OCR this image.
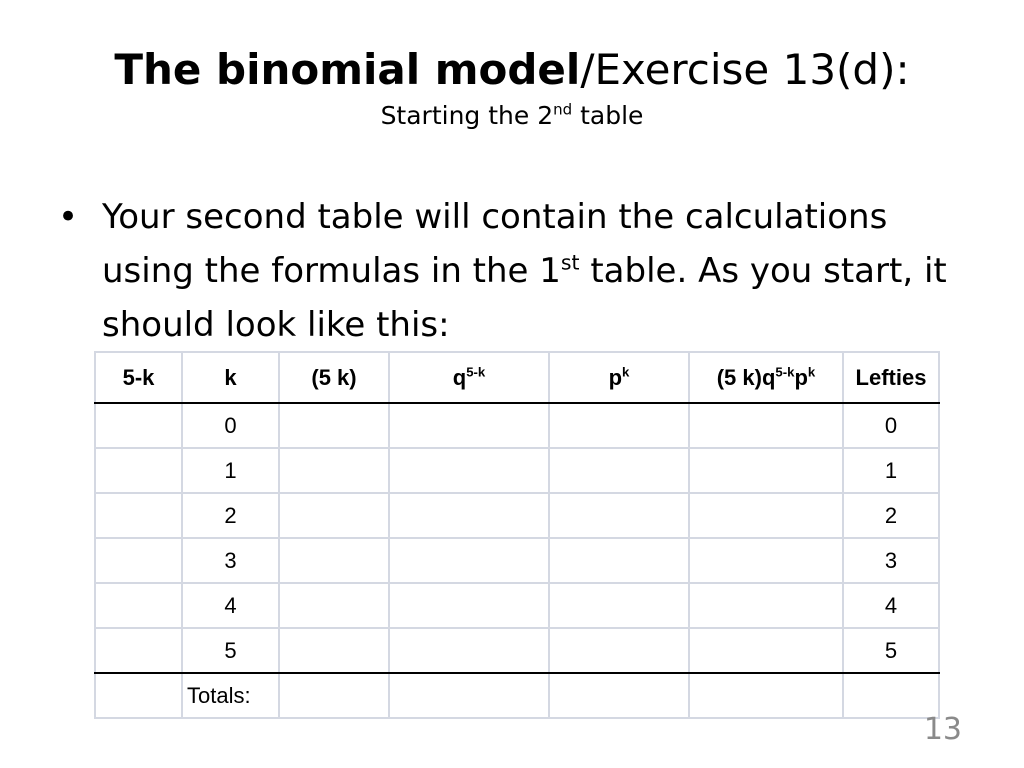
The binomial model/Exercise 13(d):
Starting the 2nd table
• Your second table will contain the calculations using the formulas in the 1st table. As you start, it should look like this:
5-k	k	(5 k)	$q^{5-k}$	$p^k$	(5 $k)q^{5-k}p^k$	Lefties
	0					0
	1					1
	2					2
	3					3
	4					4
	5					5
	Totals:					
13
